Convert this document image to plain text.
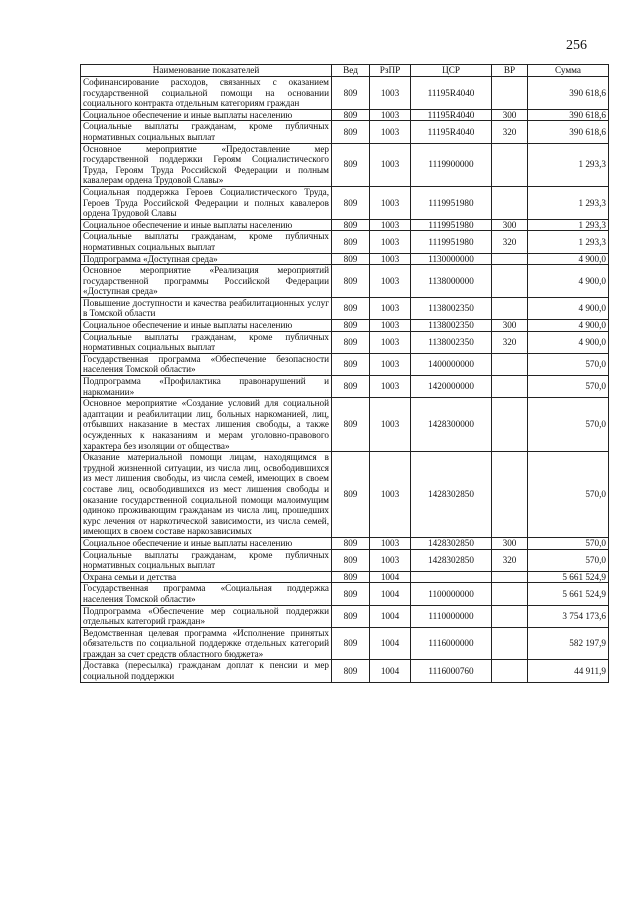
256
Наименование показателей	Вед	РзПР	ЦСР	ВР	Сумма
Софинансирование расходов, связанных с оказанием государственной социальной помощи на основании социального контракта отдельным категориям граждан	809	1003	11195R4040		390 618,6
Социальное обеспечение и иные выплаты населению	809	1003	11195R4040	300	390 618,6
Социальные выплаты гражданам, кроме публичных нормативных социальных выплат	809	1003	11195R4040	320	390 618,6
Основное мероприятие «Предоставление мер государственной поддержки Героям Социалистического Труда, Героям Труда Российской Федерации и полным кавалерам ордена Трудовой Славы»	809	1003	1119900000		1 293,3
Социальная поддержка Героев Социалистического Труда, Героев Труда Российской Федерации и полных кавалеров ордена Трудовой Славы	809	1003	1119951980		1 293,3
Социальное обеспечение и иные выплаты населению	809	1003	1119951980	300	1 293,3
Социальные выплаты гражданам, кроме публичных нормативных социальных выплат	809	1003	1119951980	320	1 293,3
Подпрограмма «Доступная среда»	809	1003	1130000000		4 900,0
Основное мероприятие «Реализация мероприятий государственной программы Российской Федерации «Доступная среда»	809	1003	1138000000		4 900,0
Повышение доступности и качества реабилитационных услуг в Томской области	809	1003	1138002350		4 900,0
Социальное обеспечение и иные выплаты населению	809	1003	1138002350	300	4 900,0
Социальные выплаты гражданам, кроме публичных нормативных социальных выплат	809	1003	1138002350	320	4 900,0
Государственная программа «Обеспечение безопасности населения Томской области»	809	1003	1400000000		570,0
Подпрограмма «Профилактика правонарушений и наркомании»	809	1003	1420000000		570,0
Основное мероприятие «Создание условий для социальной адаптации и реабилитации лиц, больных наркоманией, лиц, отбывших наказание в местах лишения свободы, а также осужденных к наказаниям и мерам уголовно-правового характера без изоляции от общества»	809	1003	1428300000		570,0
Оказание материальной помощи лицам, находящимся в трудной жизненной ситуации, из числа лиц, освободившихся из мест лишения свободы, из числа семей, имеющих в своем составе лиц, освободившихся из мест лишения свободы и оказание государственной социальной помощи малоимущим одиноко проживающим гражданам из числа лиц, прошедших курс лечения от наркотической зависимости, из числа семей, имеющих в своем составе наркозависимых	809	1003	1428302850		570,0
Социальное обеспечение и иные выплаты населению	809	1003	1428302850	300	570,0
Социальные выплаты гражданам, кроме публичных нормативных социальных выплат	809	1003	1428302850	320	570,0
Охрана семьи и детства	809	1004			5 661 524,9
Государственная программа «Социальная поддержка населения Томской области»	809	1004	1100000000		5 661 524,9
Подпрограмма «Обеспечение мер социальной поддержки отдельных категорий граждан»	809	1004	1110000000		3 754 173,6
Ведомственная целевая программа «Исполнение принятых обязательств по социальной поддержке отдельных категорий граждан за счет средств областного бюджета»	809	1004	1116000000		582 197,9
Доставка (пересылка) гражданам доплат к пенсии и мер социальной поддержки	809	1004	1116000760		44 911,9
